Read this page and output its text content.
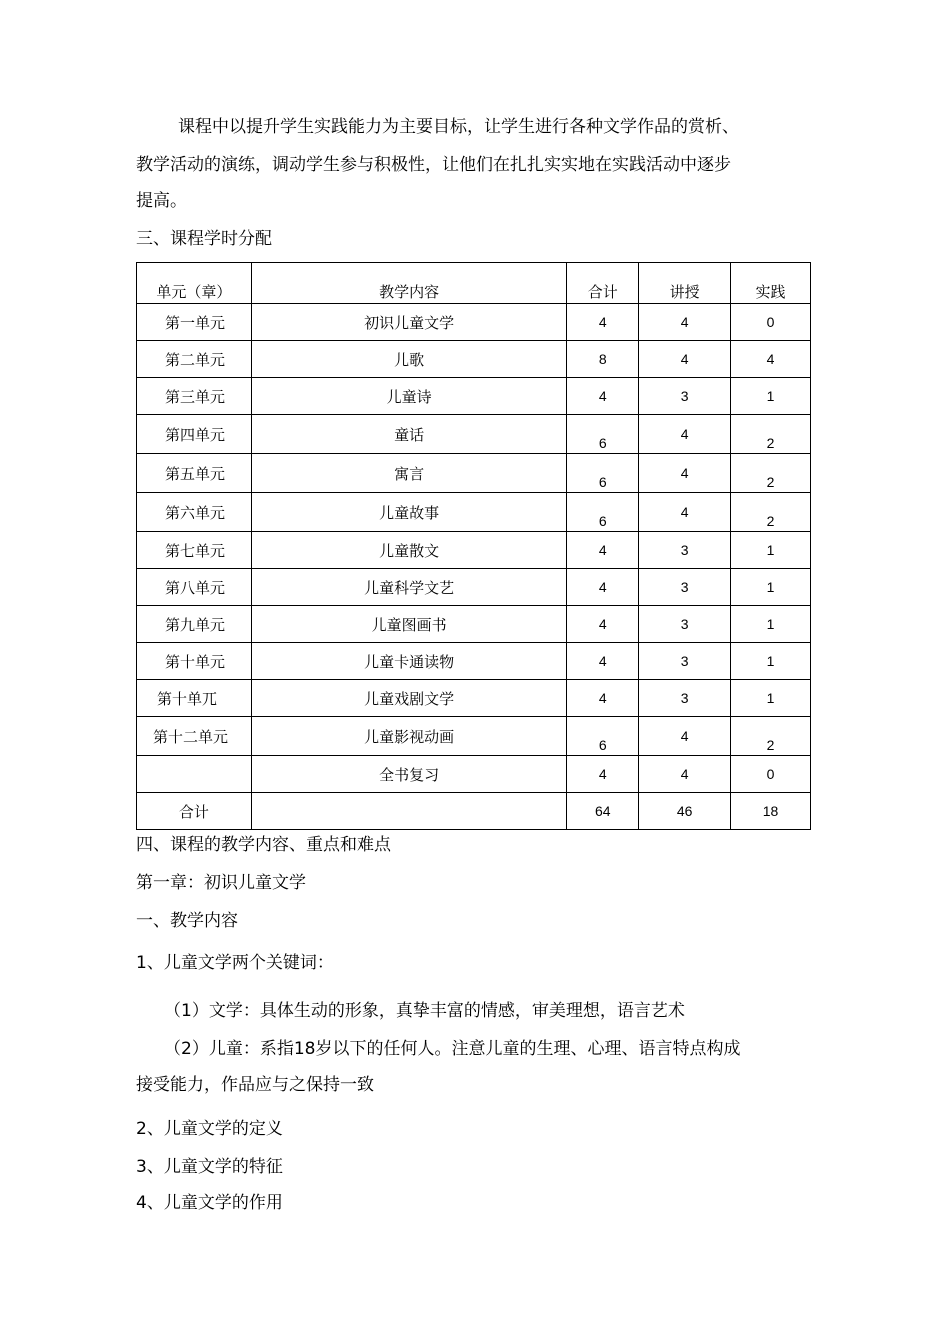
课程中以提升学生实践能力为主要目标，让学生进行各种文学作品的赏析、

教学活动的演练，调动学生参与积极性，让他们在扎扎实实地在实践活动中逐步

提高。

三、课程学时分配

单元（章）	教学内容	合计	讲授	实践
第一单元	初识儿童文学	4	4	0
第二单元	儿歌	8	4	4
第三单元	儿童诗	4	3	1
第四单元	童话	6	4	2
第五单元	寓言	6	4	2
第六单元	儿童故事	6	4	2
第七单元	儿童散文	4	3	1
第八单元	儿童科学文艺	4	3	1
第九单元	儿童图画书	4	3	1
第十单元	儿童卡通读物	4	3	1
第十单兀	儿童戏剧文学	4	3	1
第十二单元	儿童影视动画	6	4	2
	全书复习	4	4	0
合计		64	46	18

四、课程的教学内容、重点和难点

第一章：初识儿童文学

一、教学内容

1、儿童文学两个关键词：

（1）文学：具体生动的形象，真挚丰富的情感，审美理想，语言艺术

（2）儿童：系指18岁以下的任何人。注意儿童的生理、心理、语言特点构成

接受能力，作品应与之保持一致

2、儿童文学的定义

3、儿童文学的特征

4、儿童文学的作用
